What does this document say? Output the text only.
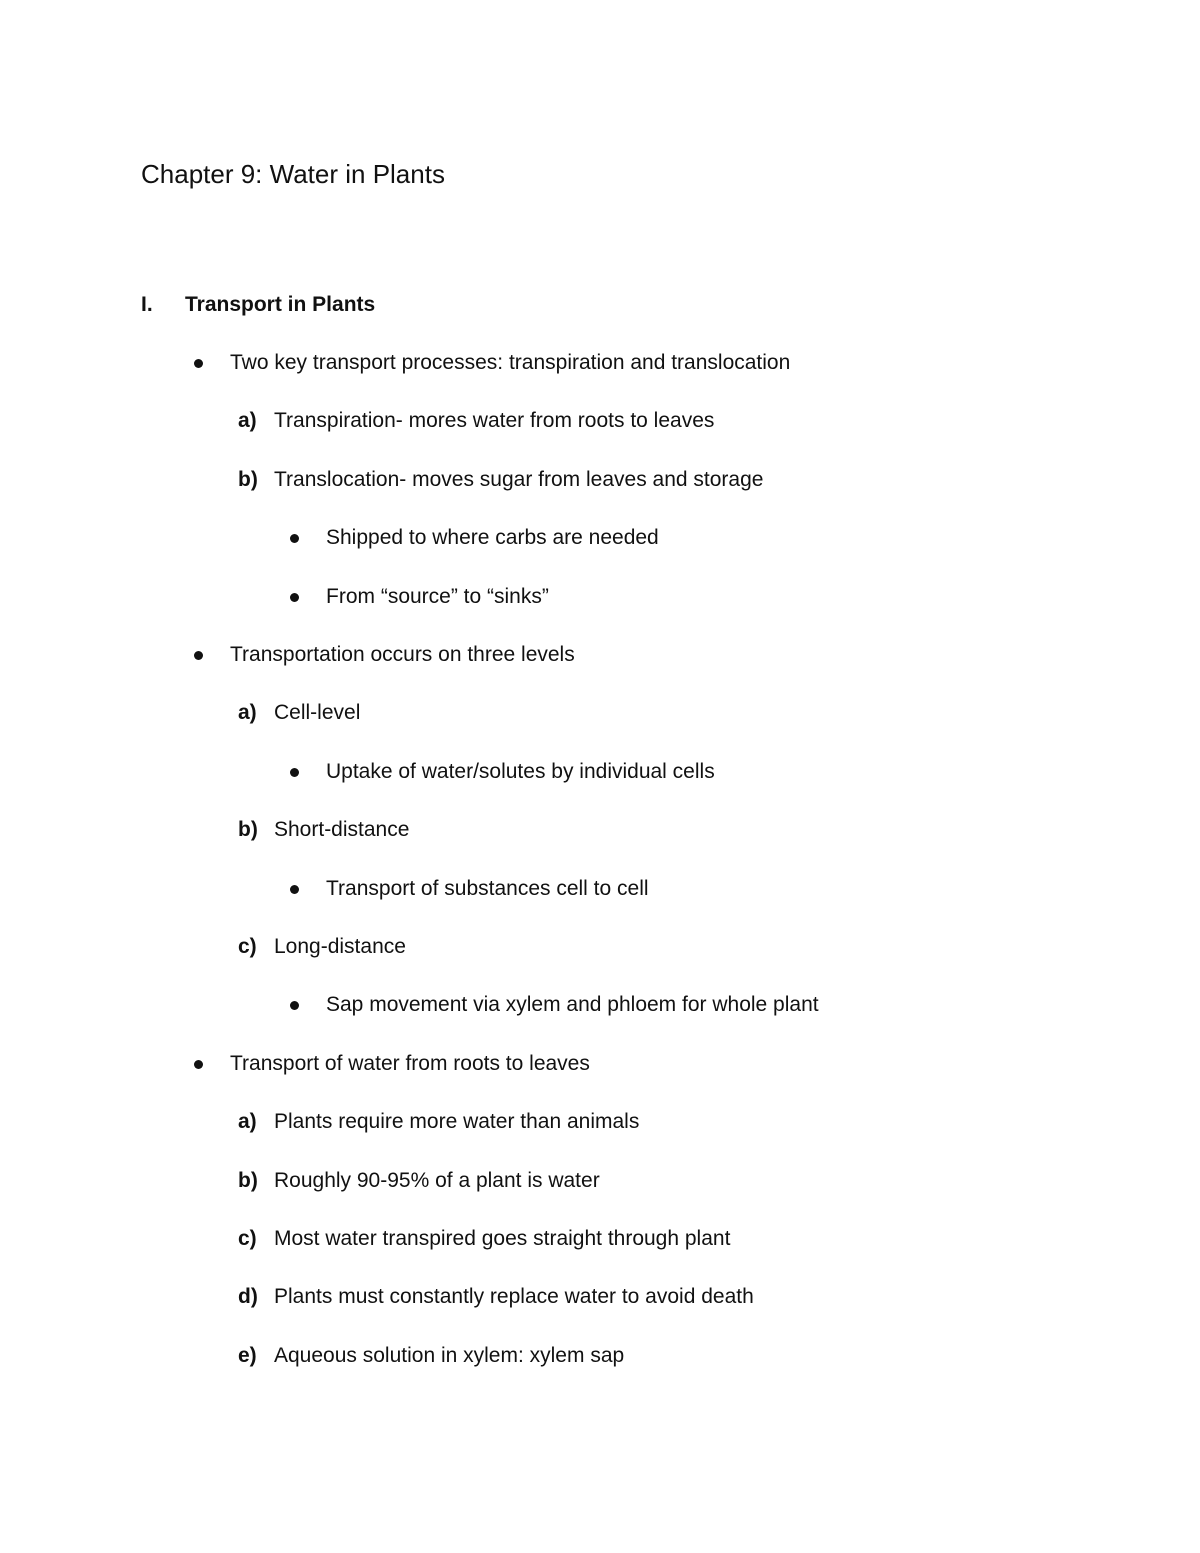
Chapter 9: Water in Plants
I. Transport in Plants
Two key transport processes: transpiration and translocation
a) Transpiration- mores water from roots to leaves
b) Translocation- moves sugar from leaves and storage
Shipped to where carbs are needed
From “source” to “sinks”
Transportation occurs on three levels
a) Cell-level
Uptake of water/solutes by individual cells
b) Short-distance
Transport of substances cell to cell
c) Long-distance
Sap movement via xylem and phloem for whole plant
Transport of water from roots to leaves
a) Plants require more water than animals
b) Roughly 90-95% of a plant is water
c) Most water transpired goes straight through plant
d) Plants must constantly replace water to avoid death
e) Aqueous solution in xylem: xylem sap
